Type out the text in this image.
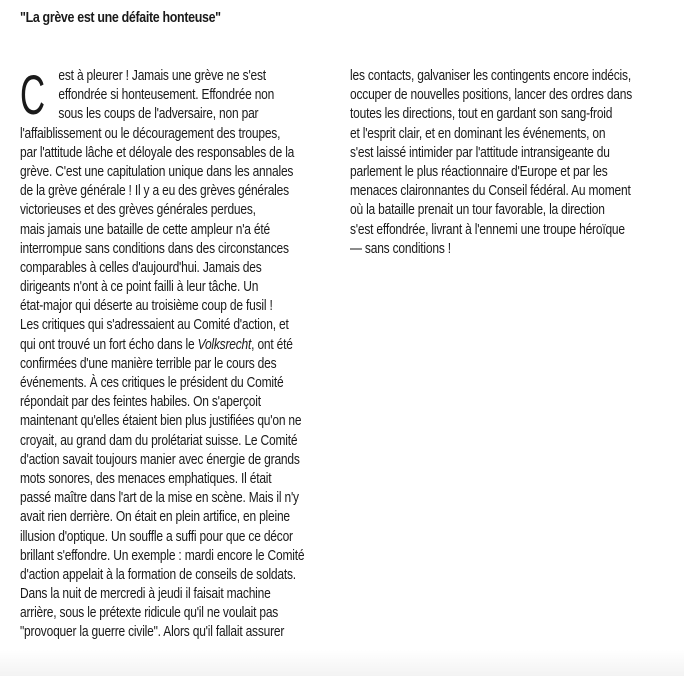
"La grève est une défaite honteuse"
C est à pleurer ! Jamais une grève ne s'est
effondrée si honteusement. Effondrée non
sous les coups de l'adversaire, non par
l'affaiblissement ou le découragement des troupes,
par l'attitude lâche et déloyale des responsables de la
grève. C'est une capitulation unique dans les annales
de la grève générale ! Il y a eu des grèves générales
victorieuses et des grèves générales perdues,
mais jamais une bataille de cette ampleur n'a été
interrompue sans conditions dans des circonstances
comparables à celles d'aujourd'hui. Jamais des
dirigeants n'ont à ce point failli à leur tâche. Un
état-major qui déserte au troisième coup de fusil !
Les critiques qui s'adressaient au Comité d'action, et
qui ont trouvé un fort écho dans le Volksrecht, ont été
confirmées d'une manière terrible par le cours des
événements. À ces critiques le président du Comité
répondait par des feintes habiles. On s'aperçoit
maintenant qu'elles étaient bien plus justifiées qu'on ne
croyait, au grand dam du prolétariat suisse. Le Comité
d'action savait toujours manier avec énergie de grands
mots sonores, des menaces emphatiques. Il était
passé maître dans l'art de la mise en scène. Mais il n'y
avait rien derrière. On était en plein artifice, en pleine
illusion d'optique. Un souffle a suffi pour que ce décor
brillant s'effondre. Un exemple : mardi encore le Comité
d'action appelait à la formation de conseils de soldats.
Dans la nuit de mercredi à jeudi il faisait machine
arrière, sous le prétexte ridicule qu'il ne voulait pas
"provoquer la guerre civile". Alors qu'il fallait assurer
les contacts, galvaniser les contingents encore indécis,
occuper de nouvelles positions, lancer des ordres dans
toutes les directions, tout en gardant son sang-froid
et l'esprit clair, et en dominant les événements, on
s'est laissé intimider par l'attitude intransigeante du
parlement le plus réactionnaire d'Europe et par les
menaces claironnantes du Conseil fédéral. Au moment
où la bataille prenait un tour favorable, la direction
s'est effondrée, livrant à l'ennemi une troupe héroïque
— sans conditions !
